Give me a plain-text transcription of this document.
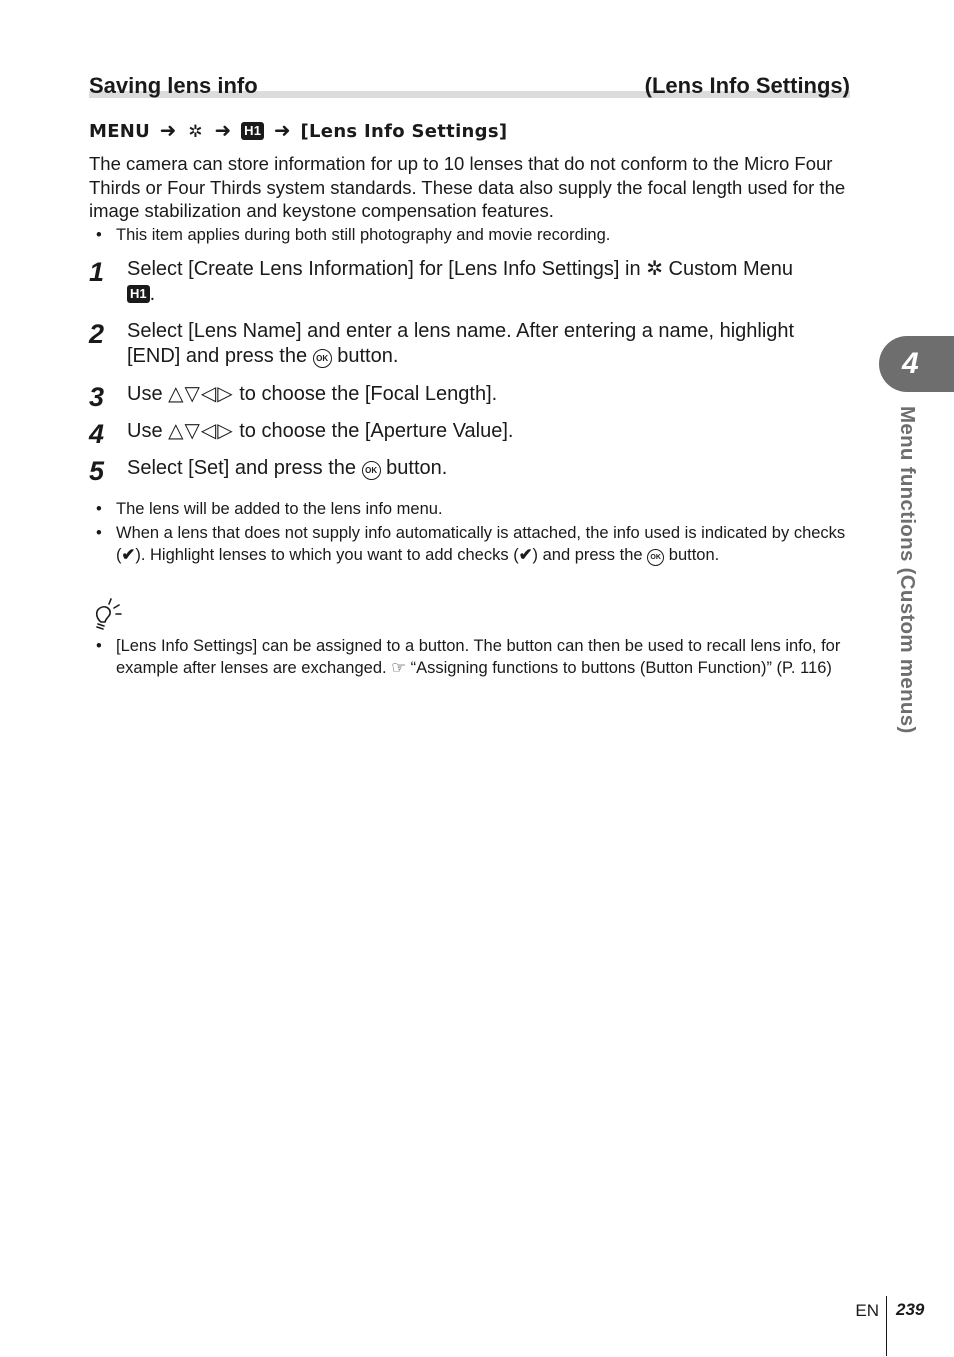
Saving lens info	(Lens Info Settings)
MENU ➜ ✲ ➜ H1 ➜ [Lens Info Settings]

The camera can store information for up to 10 lenses that do not conform to the Micro Four Thirds or Four Thirds system standards. These data also supply the focal length used for the image stabilization and keystone compensation features.

• This item applies during both still photography and movie recording.
1	Select [Create Lens Information] for [Lens Info Settings] in ✲ Custom Menu
H1 .
2	Select [Lens Name] and enter a lens name. After entering a name, highlight [END] and press the OK button.
3	Use △▽◁▷ to choose the [Focal Length].
4	Use △▽◁▷ to choose the [Aperture Value].
5	Select [Set] and press the OK button.
• The lens will be added to the lens info menu.
• When a lens that does not supply info automatically is attached, the info used is indicated by checks (✔). Highlight lenses to which you want to add checks (✔) and press the OK button.
• [Lens Info Settings] can be assigned to a button. The button can then be used to recall lens info, for example after lenses are exchanged. ☞ “Assigning functions to buttons (Button Function)” (P. 116)
4
Menu functions (Custom menus)
EN 239
